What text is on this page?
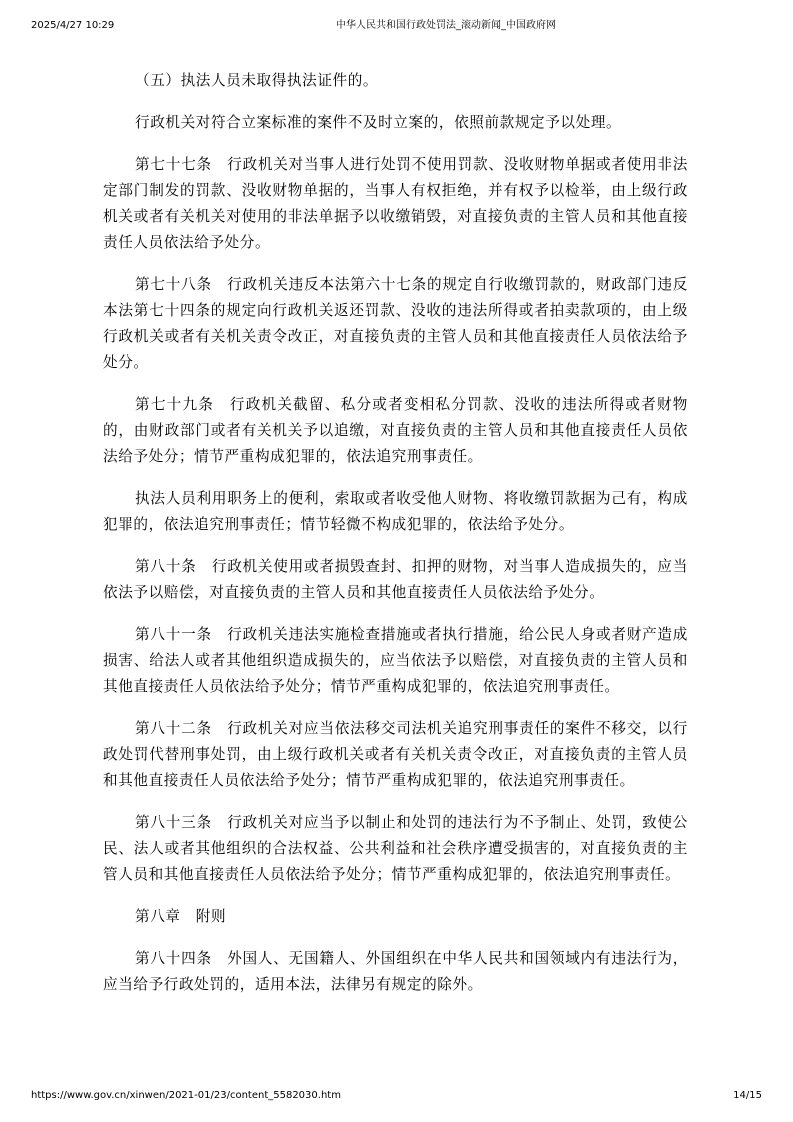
2025/4/27 10:29	中华人民共和国行政处罚法_滚动新闻_中国政府网

（五）执法人员未取得执法证件的。

行政机关对符合立案标准的案件不及时立案的，依照前款规定予以处理。

第七十七条　行政机关对当事人进行处罚不使用罚款、没收财物单据或者使用非法定部门制发的罚款、没收财物单据的，当事人有权拒绝，并有权予以检举，由上级行政机关或者有关机关对使用的非法单据予以收缴销毁，对直接负责的主管人员和其他直接责任人员依法给予处分。

第七十八条　行政机关违反本法第六十七条的规定自行收缴罚款的，财政部门违反本法第七十四条的规定向行政机关返还罚款、没收的违法所得或者拍卖款项的，由上级行政机关或者有关机关责令改正，对直接负责的主管人员和其他直接责任人员依法给予处分。

第七十九条　行政机关截留、私分或者变相私分罚款、没收的违法所得或者财物的，由财政部门或者有关机关予以追缴，对直接负责的主管人员和其他直接责任人员依法给予处分；情节严重构成犯罪的，依法追究刑事责任。

执法人员利用职务上的便利，索取或者收受他人财物、将收缴罚款据为己有，构成犯罪的，依法追究刑事责任；情节轻微不构成犯罪的，依法给予处分。

第八十条　行政机关使用或者损毁查封、扣押的财物，对当事人造成损失的，应当依法予以赔偿，对直接负责的主管人员和其他直接责任人员依法给予处分。

第八十一条　行政机关违法实施检查措施或者执行措施，给公民人身或者财产造成损害、给法人或者其他组织造成损失的，应当依法予以赔偿，对直接负责的主管人员和其他直接责任人员依法给予处分；情节严重构成犯罪的，依法追究刑事责任。

第八十二条　行政机关对应当依法移交司法机关追究刑事责任的案件不移交，以行政处罚代替刑事处罚，由上级行政机关或者有关机关责令改正，对直接负责的主管人员和其他直接责任人员依法给予处分；情节严重构成犯罪的，依法追究刑事责任。

第八十三条　行政机关对应当予以制止和处罚的违法行为不予制止、处罚，致使公民、法人或者其他组织的合法权益、公共利益和社会秩序遭受损害的，对直接负责的主管人员和其他直接责任人员依法给予处分；情节严重构成犯罪的，依法追究刑事责任。

第八章　附则

第八十四条　外国人、无国籍人、外国组织在中华人民共和国领域内有违法行为，应当给予行政处罚的，适用本法，法律另有规定的除外。

https://www.gov.cn/xinwen/2021-01/23/content_5582030.htm	14/15
